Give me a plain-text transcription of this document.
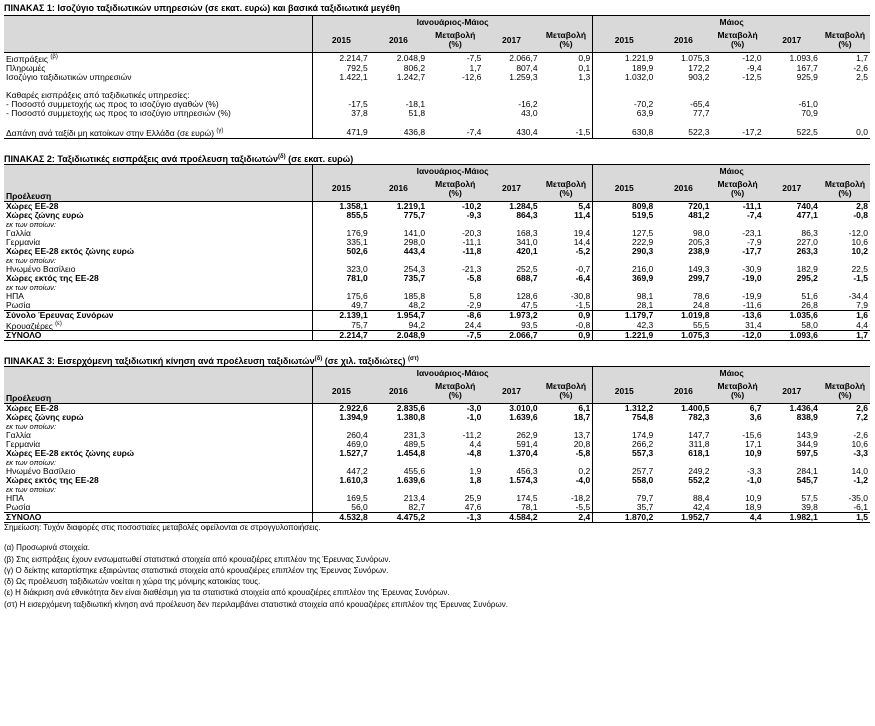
ΠΙΝΑΚΑΣ 1: Ισοζύγιο ταξιδιωτικών υπηρεσιών (σε εκατ. ευρώ) και βασικά ταξιδιωτικά μεγέθη
	Ιανουάριος-Μάιος					Μάιος				
	2015	2016	Μεταβολή (%)	2017	Μεταβολή (%)	2015	2016	Μεταβολή (%)	2017	Μεταβολή (%)
Εισπράξεις $^{(\beta)}$	2.214,7	2.048,9	-7,5	2.066,7	0,9	1.221,9	1.075,3	-12,0	1.093,6	1,7
Πληρωμές	792,5	806,2	1,7	807,4	0,1	189,9	172,2	-9,4	167,7	-2,6
Ισοζύγιο ταξιδιωτικών υπηρεσιών	1.422,1	1.242,7	-12,6	1.259,3	1,3	1.032,0	903,2	-12,5	925,9	2,5

Καθαρές εισπράξεις από ταξιδιωτικές υπηρεσίες:										
- Ποσοστό συμμετοχής ως προς το ισοζύγιο αγαθών (%)	-17,5	-18,1		-16,2		-70,2	-65,4		-61,0	
- Ποσοστό συμμετοχής ως προς το ισοζύγιο υπηρεσιών (%)	37,8	51,8		43,0		63,9	77,7		70,9	

Δαπάνη ανά ταξίδι μη κατοίκων στην Ελλάδα (σε ευρώ) $^{(\gamma)}$	471,9	436,8	-7,4	430,4	-1,5	630,8	522,3	-17,2	522,5	0,0
ΠΙΝΑΚΑΣ 2: Ταξιδιωτικές εισπράξεις ανά προέλευση ταξιδιωτών$^{(\delta)}$ (σε εκατ. ευρώ)
	Ιανουάριος-Μάιος					Μάιος				
Προέλευση	2015	2016	Μεταβολή (%)	2017	Μεταβολή (%)	2015	2016	Μεταβολή (%)	2017	Μεταβολή (%)
Χώρες ΕΕ-28	1.358,1	1.219,1	-10,2	1.284,5	5,4	809,8	720,1	-11,1	740,4	2,8
Χώρες ζώνης ευρώ	855,5	775,7	-9,3	864,3	11,4	519,5	481,2	-7,4	477,1	-0,8
εκ των οποίων:										
Γαλλία	176,9	141,0	-20,3	168,3	19,4	127,5	98,0	-23,1	86,3	-12,0
Γερμανία	335,1	298,0	-11,1	341,0	14,4	222,9	205,3	-7,9	227,0	10,6
Χώρες ΕΕ-28 εκτός ζώνης ευρώ	502,6	443,4	-11,8	420,1	-5,2	290,3	238,9	-17,7	263,3	10,2
εκ των οποίων:										
Ηνωμένο Βασίλειο	323,0	254,3	-21,3	252,5	-0,7	216,0	149,3	-30,9	182,9	22,5
Χώρες εκτός της ΕΕ-28	781,0	735,7	-5,8	688,7	-6,4	369,9	299,7	-19,0	295,2	-1,5
εκ των οποίων:										
ΗΠΑ	175,6	185,8	5,8	128,6	-30,8	98,1	78,6	-19,9	51,6	-34,4
Ρωσία	49,7	48,2	-2,9	47,5	-1,5	28,1	24,8	-11,6	26,8	7,9
Σύνολο Έρευνας Συνόρων	2.139,1	1.954,7	-8,6	1.973,2	0,9	1.179,7	1.019,8	-13,6	1.035,6	1,6
Κρουαζιέρες $^{(\varepsilon)}$	75,7	94,2	24,4	93,5	-0,8	42,3	55,5	31,4	58,0	4,4
ΣΥΝΟΛΟ	2.214,7	2.048,9	-7,5	2.066,7	0,9	1.221,9	1.075,3	-12,0	1.093,6	1,7
ΠΙΝΑΚΑΣ 3: Εισερχόμενη ταξιδιωτική κίνηση ανά προέλευση ταξιδιωτών$^{(\delta)}$ (σε χιλ. ταξιδιώτες) $^{(\sigma\tau)}$
	Ιανουάριος-Μάιος					Μάιος				
Προέλευση	2015	2016	Μεταβολή (%)	2017	Μεταβολή (%)	2015	2016	Μεταβολή (%)	2017	Μεταβολή (%)
Χώρες ΕΕ-28	2.922,6	2.835,6	-3,0	3.010,0	6,1	1.312,2	1.400,5	6,7	1.436,4	2,6
Χώρες ζώνης ευρώ	1.394,9	1.380,8	-1,0	1.639,6	18,7	754,8	782,3	3,6	838,9	7,2
εκ των οποίων:										
Γαλλία	260,4	231,3	-11,2	262,9	13,7	174,9	147,7	-15,6	143,9	-2,6
Γερμανία	469,0	489,5	4,4	591,4	20,8	266,2	311,8	17,1	344,9	10,6
Χώρες ΕΕ-28 εκτός ζώνης ευρώ	1.527,7	1.454,8	-4,8	1.370,4	-5,8	557,3	618,1	10,9	597,5	-3,3
εκ των οποίων:										
Ηνωμένο Βασίλειο	447,2	455,6	1,9	456,3	0,2	257,7	249,2	-3,3	284,1	14,0
Χώρες εκτός της ΕΕ-28	1.610,3	1.639,6	1,8	1.574,3	-4,0	558,0	552,2	-1,0	545,7	-1,2
εκ των οποίων:										
ΗΠΑ	169,5	213,4	25,9	174,5	-18,2	79,7	88,4	10,9	57,5	-35,0
Ρωσία	56,0	82,7	47,6	78,1	-5,5	35,7	42,4	18,9	39,8	-6,1
ΣΥΝΟΛΟ	4.532,8	4.475,2	-1,3	4.584,2	2,4	1.870,2	1.952,7	4,4	1.982,1	1,5
Σημείωση: Τυχόν διαφορές στις ποσοστιαίες μεταβολές οφείλονται σε στρογγυλοποιήσεις.
(α) Προσωρινά στοιχεία.
(β) Στις εισπράξεις έχουν ενσωματωθεί στατιστικά στοιχεία από κρουαζιέρες επιπλέον της Έρευνας Συνόρων.
(γ) Ο δείκτης καταρτίστηκε εξαιρώντας στατιστικά στοιχεία από κρουαζιέρες επιπλέον της Έρευνας Συνόρων.
(δ) Ως προέλευση ταξιδιωτών νοείται η χώρα της μόνιμης κατοικίας τους.
(ε) Η διάκριση ανά εθνικότητα δεν είναι διαθέσιμη για τα στατιστικά στοιχεία από κρουαζιέρες επιπλέον της Έρευνας Συνόρων.
(στ) Η εισερχόμενη ταξιδιωτική κίνηση ανά προέλευση δεν περιλαμβάνει στατιστικά στοιχεία από κρουαζιέρες επιπλέον της Έρευνας Συνόρων.
